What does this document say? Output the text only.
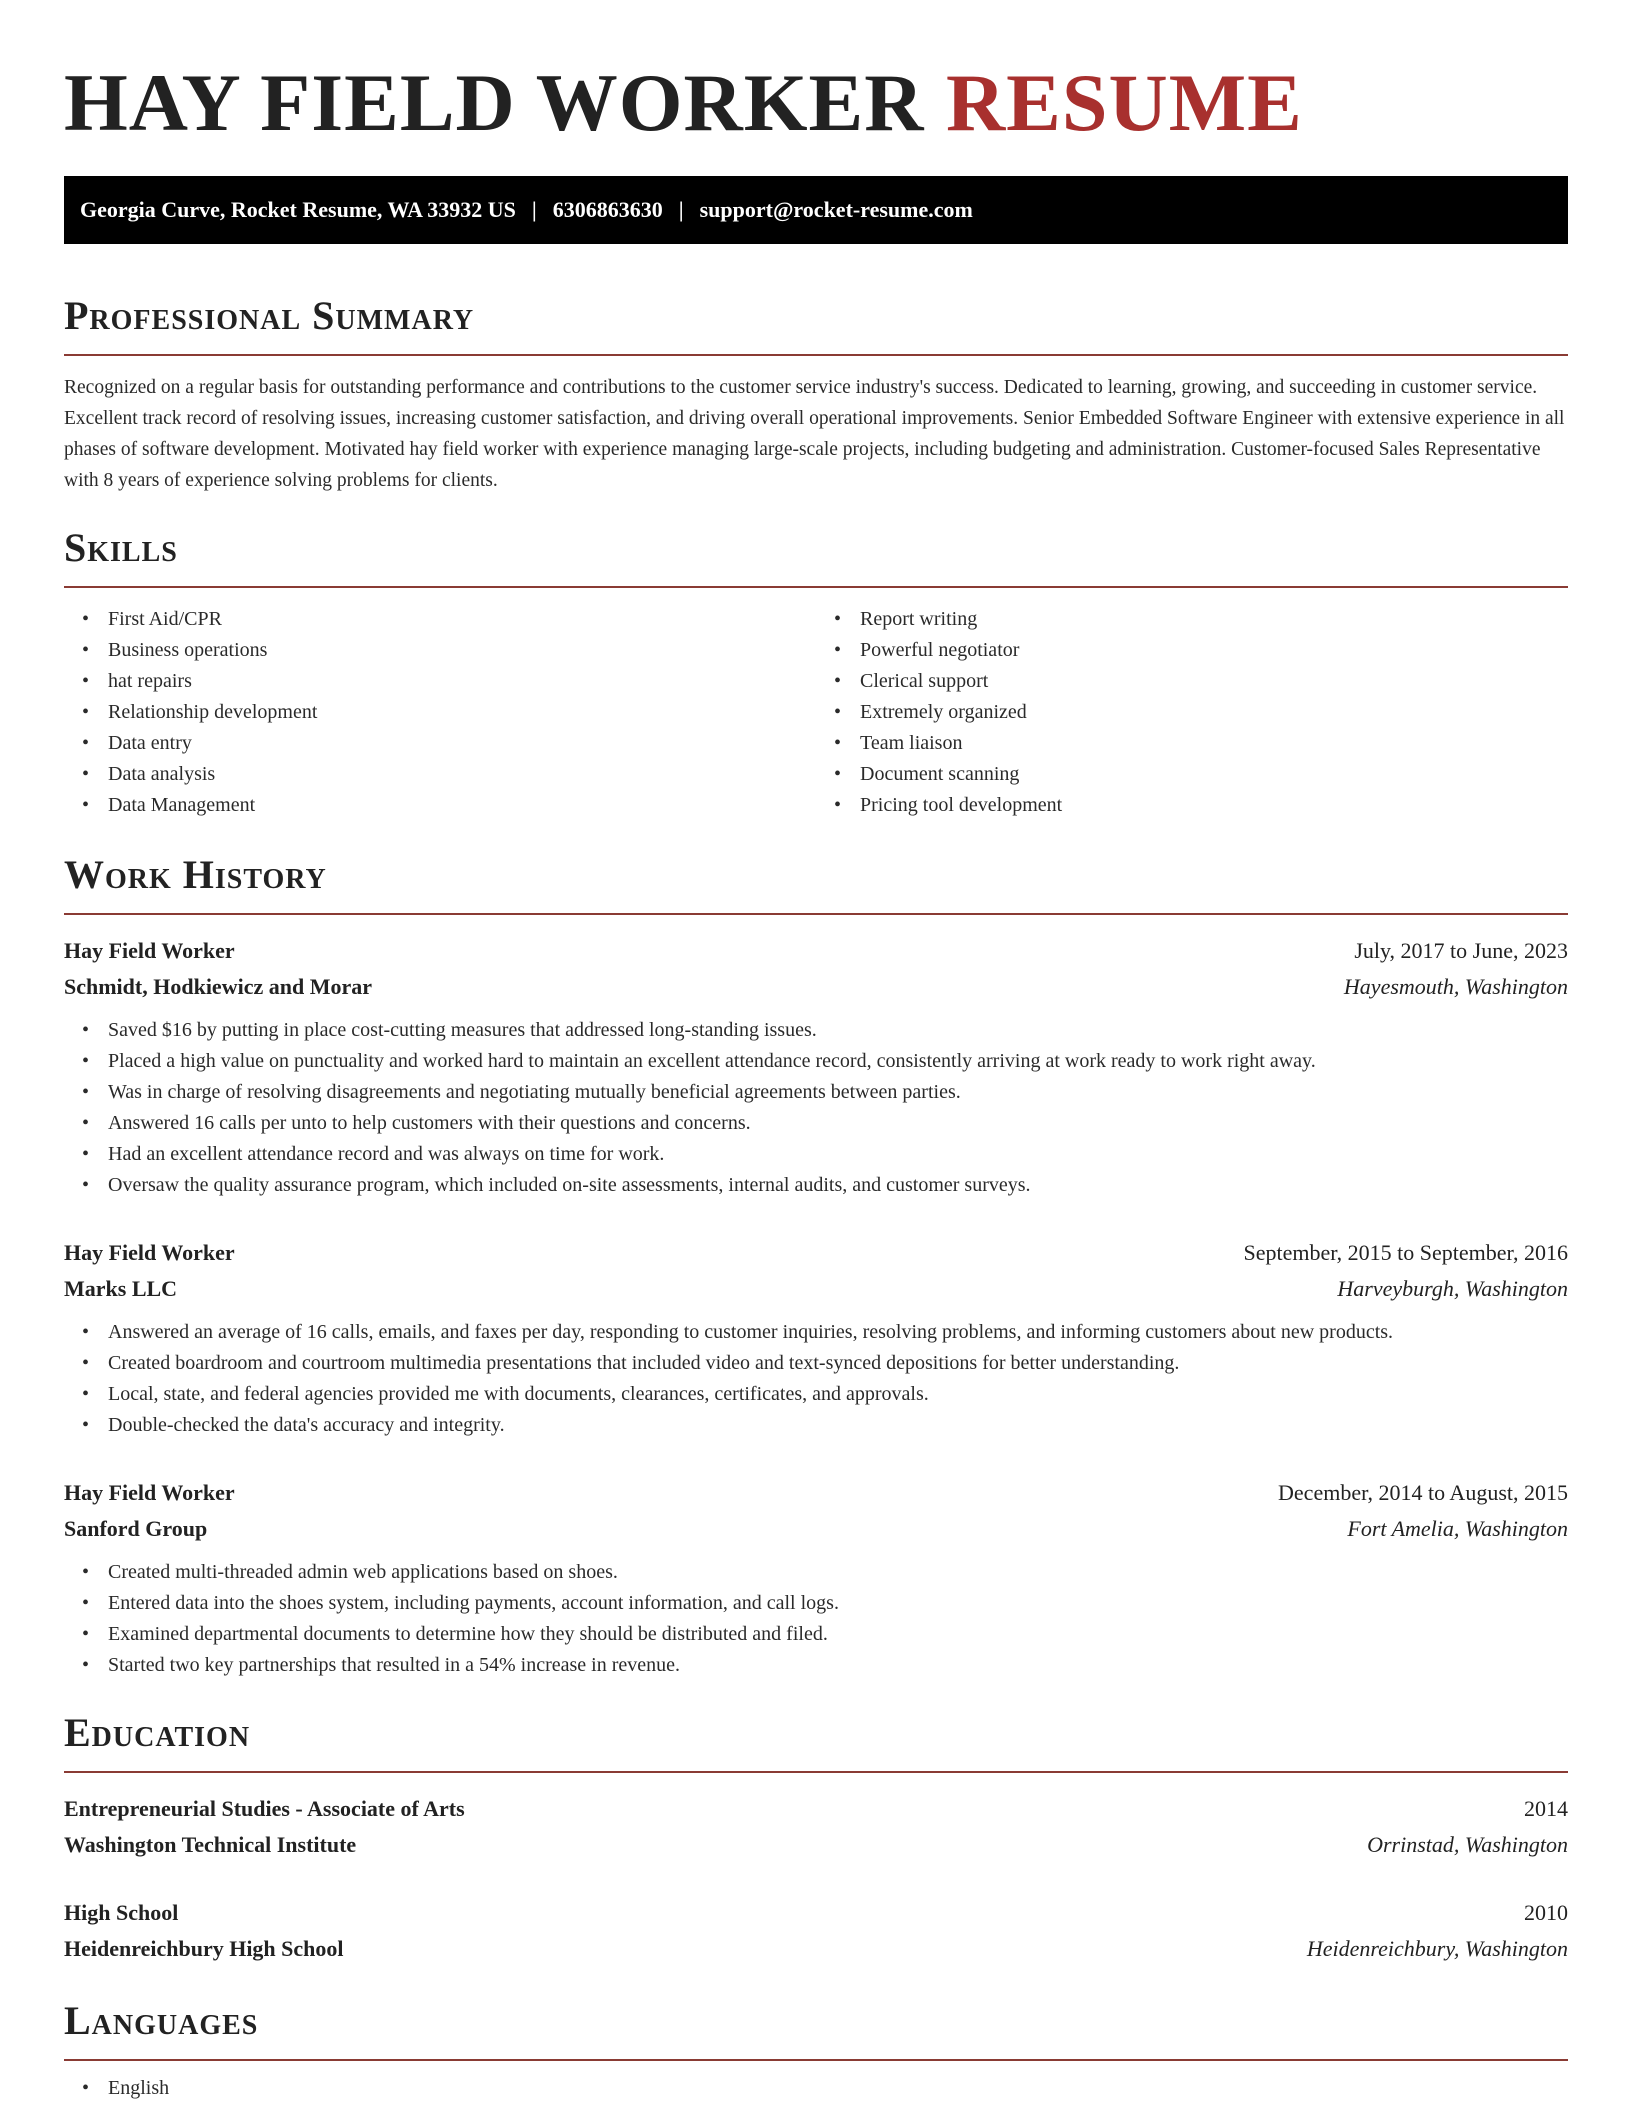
HAY FIELD WORKER RESUME
Georgia Curve, Rocket Resume, WA 33932 US | 6306863630 | support@rocket-resume.com
Professional Summary

Recognized on a regular basis for outstanding performance and contributions to the customer service industry's success. Dedicated to learning, growing, and succeeding in customer service. Excellent track record of resolving issues, increasing customer satisfaction, and driving overall operational improvements. Senior Embedded Software Engineer with extensive experience in all phases of software development. Motivated hay field worker with experience managing large-scale projects, including budgeting and administration. Customer-focused Sales Representative with 8 years of experience solving problems for clients.

Skills
• First Aid/CPR
• Business operations
• hat repairs
• Relationship development
• Data entry
• Data analysis
• Data Management
• Report writing
• Powerful negotiator
• Clerical support
• Extremely organized
• Team liaison
• Document scanning
• Pricing tool development
Work History
Hay Field Worker	July, 2017 to June, 2023
Schmidt, Hodkiewicz and Morar	Hayesmouth, Washington
• Saved $16 by putting in place cost-cutting measures that addressed long-standing issues.
• Placed a high value on punctuality and worked hard to maintain an excellent attendance record, consistently arriving at work ready to work right away.
• Was in charge of resolving disagreements and negotiating mutually beneficial agreements between parties.
• Answered 16 calls per unto to help customers with their questions and concerns.
• Had an excellent attendance record and was always on time for work.
• Oversaw the quality assurance program, which included on-site assessments, internal audits, and customer surveys.
Hay Field Worker	September, 2015 to September, 2016
Marks LLC	Harveyburgh, Washington
• Answered an average of 16 calls, emails, and faxes per day, responding to customer inquiries, resolving problems, and informing customers about new products.
• Created boardroom and courtroom multimedia presentations that included video and text-synced depositions for better understanding.
• Local, state, and federal agencies provided me with documents, clearances, certificates, and approvals.
• Double-checked the data's accuracy and integrity.
Hay Field Worker	December, 2014 to August, 2015
Sanford Group	Fort Amelia, Washington
• Created multi-threaded admin web applications based on shoes.
• Entered data into the shoes system, including payments, account information, and call logs.
• Examined departmental documents to determine how they should be distributed and filed.
• Started two key partnerships that resulted in a 54% increase in revenue.
Education
Entrepreneurial Studies - Associate of Arts	2014
Washington Technical Institute	Orrinstad, Washington
High School	2010
Heidenreichbury High School	Heidenreichbury, Washington
Languages
• English
